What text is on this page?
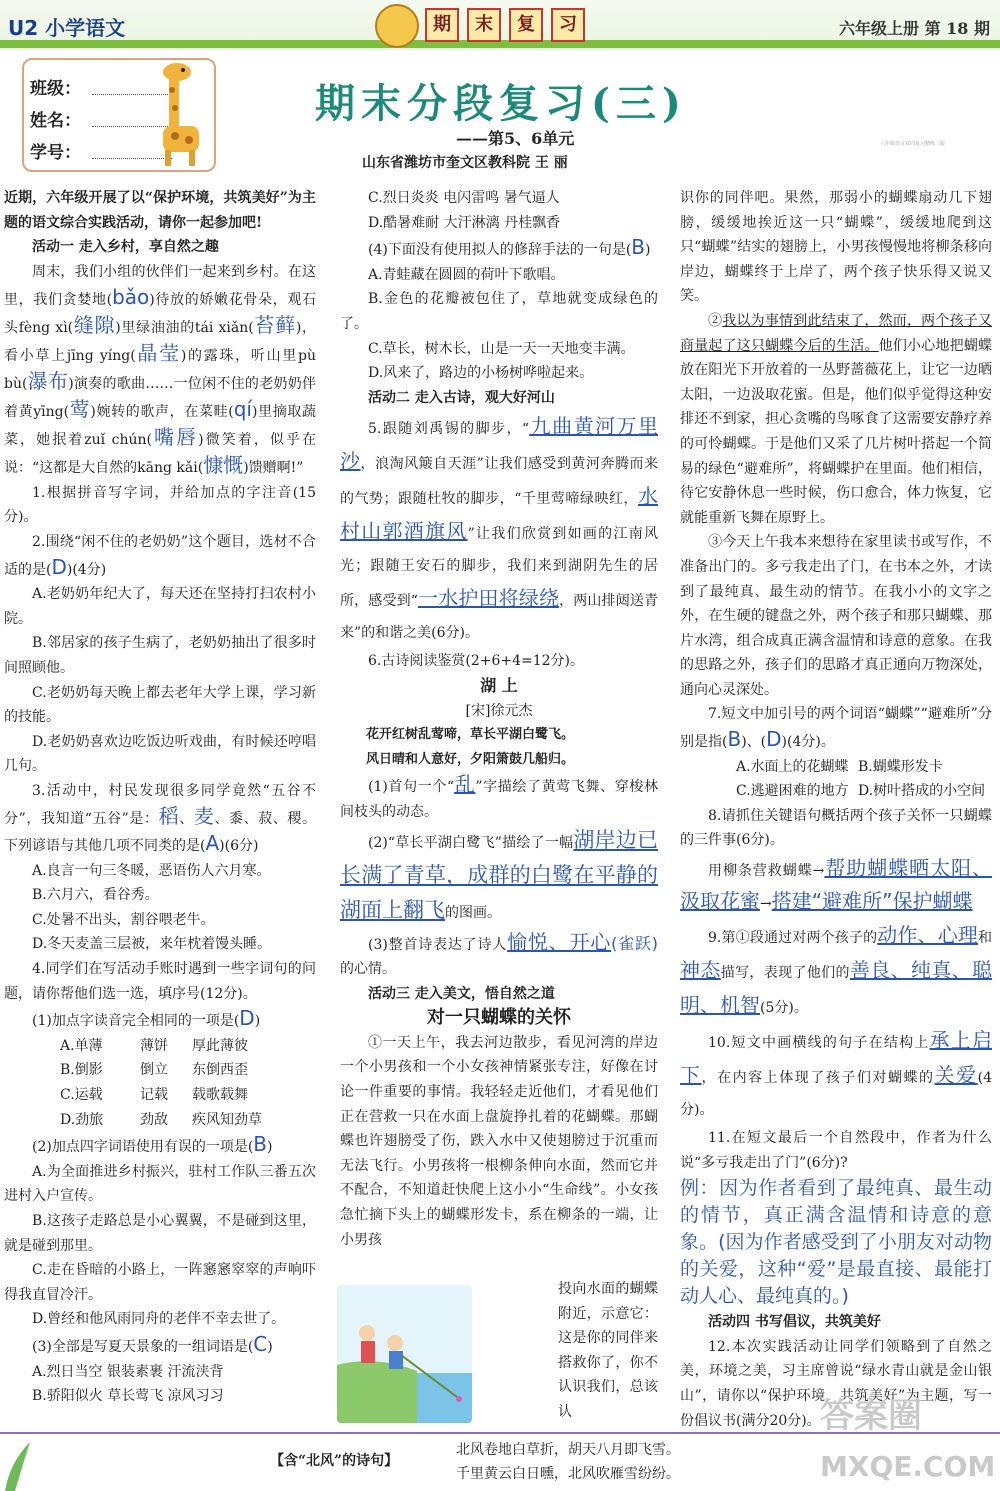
U2 小学语文	期	末	复	习	六年级上册 第 18 期
班级：
姓名：
学号：
期末分段复习(三)
——第5、6单元
山东省潍坊市奎文区教科院 王 丽
六年级语文双周复习精练二版

近期，六年级开展了以“保护环境，共筑美好”为主题的语文综合实践活动，请你一起参加吧!

活动一 走入乡村，享自然之趣

周末，我们小组的伙伴们一起来到乡村。在这里，我们贪婪地(bǎo)待放的娇嫩花骨朵，观石头fèng xì(缝隙)里绿油油的tái xiǎn(苔藓)，看小草上jīng yíng(晶莹)的露珠，听山里pù bù(瀑布)演奏的歌曲……一位闲不住的老奶奶伴着黄yīng(莺)婉转的歌声，在菜畦(qí)里摘取蔬菜，她抿着zuǐ chún(嘴唇)微笑着，似乎在说：“这都是大自然的kāng kǎi(慷慨)馈赠啊!”

1.根据拼音写字词，并给加点的字注音(15分)。

2.围绕“闲不住的老奶奶”这个题目，选材不合适的是(D)(4分)

A.老奶奶年纪大了，每天还在坚持打扫农村小院。

B.邻居家的孩子生病了，老奶奶抽出了很多时间照顾他。

C.老奶奶每天晚上都去老年大学上课，学习新的技能。

D.老奶奶喜欢边吃饭边听戏曲，有时候还哼唱几句。

3.活动中，村民发现很多同学竟然“五谷不分”，我知道“五谷”是：稻、麦、黍、菽、稷。下列谚语与其他几项不同类的是(A)(6分)

A.良言一句三冬暖，恶语伤人六月寒。

B.六月六，看谷秀。

C.处暑不出头，割谷喂老牛。

D.冬天麦盖三层被，来年枕着馒头睡。

4.同学们在写活动手账时遇到一些字词句的问题，请你帮他们选一选，填序号(12分)。

(1)加点字读音完全相同的一项是(D)

A.单薄	薄饼 厚此薄彼

B.倒影	倒立 东倒西歪

C.运载	记载 载歌载舞

D.劲旅	劲敌 疾风知劲草

(2)加点四字词语使用有误的一项是(B)

A.为全面推进乡村振兴，驻村工作队三番五次进村入户宣传。

B.这孩子走路总是小心翼翼，不是碰到这里，就是碰到那里。

C.走在昏暗的小路上，一阵窸窸窣窣的声响吓得我直冒冷汗。

D.曾经和他风雨同舟的老伴不幸去世了。

(3)全部是写夏天景象的一组词语是(C)

A.烈日当空 银装素裹 汗流浃背

B.骄阳似火 草长莺飞 凉风习习

C.烈日炎炎 电闪雷鸣 暑气逼人

D.酷暑难耐 大汗淋漓 丹桂飘香

(4)下面没有使用拟人的修辞手法的一句是(B)

A.青蛙藏在圆圆的荷叶下歌唱。

B.金色的花瓣被包住了，草地就变成绿色的了。

C.草长，树木长，山是一天一天地变丰满。

D.风来了，路边的小杨树哗啦起来。

活动二 走入古诗，观大好河山

5.跟随刘禹锡的脚步，“九曲黄河万里沙，浪淘风簸自天涯”让我们感受到黄河奔腾而来的气势；跟随杜牧的脚步，“千里莺啼绿映红，水村山郭酒旗风”让我们欣赏到如画的江南风光；跟随王安石的脚步，我们来到湖阴先生的居所，感受到“一水护田将绿绕，两山排闼送青来”的和谐之美(6分)。

6.古诗阅读鉴赏(2+6+4=12分)。

湖 上

[宋]徐元杰

花开红树乱莺啼，草长平湖白鹭飞。

风日晴和人意好，夕阳箫鼓几船归。

(1)首句一个“乱”字描绘了黄莺飞舞、穿梭林间枝头的动态。

(2)“草长平湖白鹭飞”描绘了一幅湖岸边已长满了青草，成群的白鹭在平静的湖面上翻飞的图画。

(3)整首诗表达了诗人愉悦、开心(雀跃)的心情。

活动三 走入美文，悟自然之道

对一只蝴蝶的关怀

①一天上午，我去河边散步，看见河湾的岸边一个小男孩和一个小女孩神情紧张专注，好像在讨论一件重要的事情。我轻轻走近他们，才看见他们正在营救一只在水面上盘旋挣扎着的花蝴蝶。那蝴蝶也许翅膀受了伤，跌入水中又使翅膀过于沉重而无法飞行。小男孩将一根柳条伸向水面，然而它并不配合，不知道赶快爬上这小小“生命线”。小女孩急忙摘下头上的蝴蝶形发卡，系在柳条的一端，让小男孩

投向水面的蝴蝶附近，示意它：这是你的同伴来搭救你了，你不认识我们，总该认

识你的同伴吧。果然，那弱小的蝴蝶扇动几下翅膀，缓缓地挨近这一只“蝴蝶”，缓缓地爬到这只“蝴蝶”结实的翅膀上，小男孩慢慢地将柳条移向岸边，蝴蝶终于上岸了，两个孩子快乐得又说又笑。

②我以为事情到此结束了，然而，两个孩子又商量起了这只蝴蝶今后的生活。他们小心地把蝴蝶放在阳光下开放着的一丛野蔷薇花上，让它一边晒太阳，一边汲取花蜜。但是，他们似乎觉得这种安排还不到家，担心贪嘴的鸟啄食了这需要安静疗养的可怜蝴蝶。于是他们又采了几片树叶搭起一个简易的绿色“避难所”，将蝴蝶护在里面。他们相信，待它安静休息一些时候，伤口愈合，体力恢复，它就能重新飞舞在原野上。

③今天上午我本来想待在家里读书或写作，不准备出门的。多亏我走出了门，在书本之外，才读到了最纯真、最生动的情节。在我小小的文字之外，在生硬的键盘之外，两个孩子和那只蝴蝶、那片水湾，组合成真正满含温情和诗意的意象。在我的思路之外，孩子们的思路才真正通向万物深处，通向心灵深处。

7.短文中加引号的两个词语“蝴蝶”“避难所”分别是指(B)、(D)(4分)。

A.水面上的花蝴蝶 B.蝴蝶形发卡

C.逃避困难的地方 D.树叶搭成的小空间

8.请抓住关键语句概括两个孩子关怀一只蝴蝶的三件事(6分)。

用柳条营救蝴蝶→帮助蝴蝶晒太阳、汲取花蜜→搭建“避难所”保护蝴蝶

9.第①段通过对两个孩子的动作、心理和神态描写，表现了他们的善良、纯真、聪明、机智(5分)。

10.短文中画横线的句子在结构上承上启下，在内容上体现了孩子们对蝴蝶的关爱(4分)。

11.在短文最后一个自然段中，作者为什么说“多亏我走出了门”(6分)?

例：因为作者看到了最纯真、最生动的情节，真正满含温情和诗意的意象。(因为作者感受到了小朋友对动物的关爱，这种“爱”是最直接、最能打动人心、最纯真的。)

活动四 书写倡议，共筑美好

12.本次实践活动让同学们领略到了自然之美，环境之美，习主席曾说“绿水青山就是金山银山”，请你以“保护环境，共筑美好”为主题，写一份倡议书(满分20分)。

【含“北风”的诗句】
北风卷地白草折，胡天八月即飞雪。
千里黄云白日曛，北风吹雁雪纷纷。
答案圈
MXQE.COM
